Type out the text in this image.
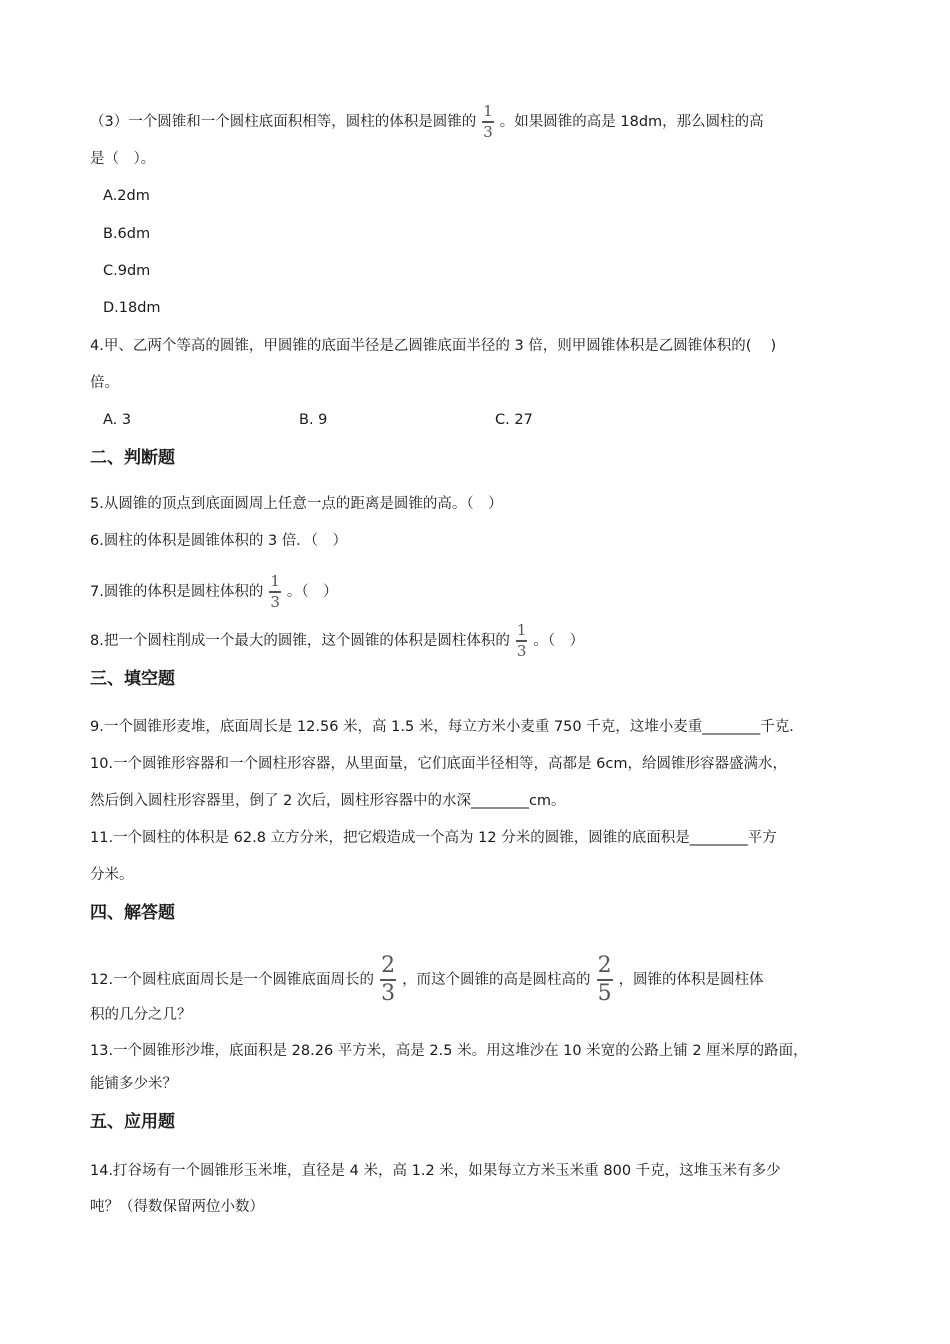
（3）一个圆锥和一个圆柱底面积相等，圆柱的体积是圆锥的 $\frac{1}{3}$ 。如果圆锥的高是 18dm，那么圆柱的高
是（　）。
A.2dm
B.6dm
C.9dm
D.18dm
4.甲、乙两个等高的圆锥，甲圆锥的底面半径是乙圆锥底面半径的 3 倍，则甲圆锥体积是乙圆锥体积的(　 )
倍。
A. 3	B. 9	C. 27
二、判断题
5.从圆锥的顶点到底面圆周上任意一点的距离是圆锥的高。（　）
6.圆柱的体积是圆锥体积的 3 倍．（　）
7.圆锥的体积是圆柱体积的 $\frac{1}{3}$ 。（　）
8.把一个圆柱削成一个最大的圆锥，这个圆锥的体积是圆柱体积的 $\frac{1}{3}$ 。（　）
三、填空题
9.一个圆锥形麦堆，底面周长是 12.56 米，高 1.5 米，每立方米小麦重 750 千克，这堆小麦重________千克．
10.一个圆锥形容器和一个圆柱形容器，从里面量，它们底面半径相等，高都是 6cm，给圆锥形容器盛满水，
然后倒入圆柱形容器里，倒了 2 次后，圆柱形容器中的水深________cm。
11.一个圆柱的体积是 62.8 立方分米，把它煅造成一个高为 12 分米的圆锥，圆锥的底面积是________平方
分米。
四、解答题
12.一个圆柱底面周长是一个圆锥底面周长的 $\frac{2}{3}$ ，而这个圆锥的高是圆柱高的 $\frac{2}{5}$ ，圆锥的体积是圆柱体
积的几分之几？
13.一个圆锥形沙堆，底面积是 28.26 平方米，高是 2.5 米。用这堆沙在 10 米宽的公路上铺 2 厘米厚的路面，
能铺多少米？
五、应用题
14.打谷场有一个圆锥形玉米堆，直径是 4 米，高 1.2 米，如果每立方米玉米重 800 千克，这堆玉米有多少
吨？（得数保留两位小数）
